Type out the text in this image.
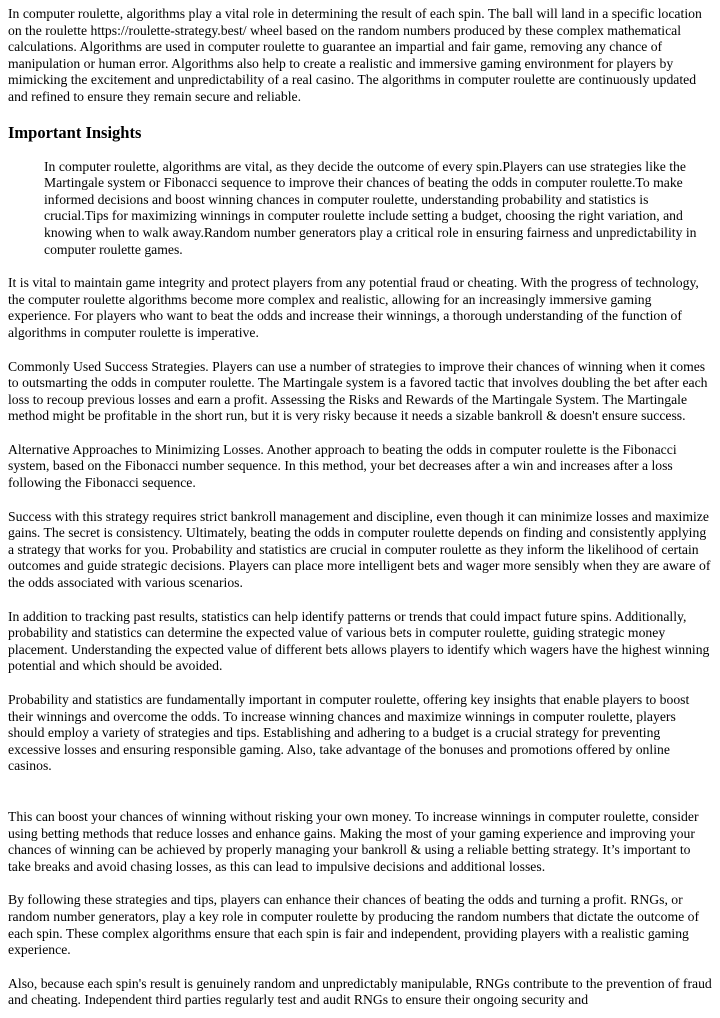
In computer roulette, algorithms play a vital role in determining the result of each spin. The ball will land in a specific location on the roulette https://roulette-strategy.best/ wheel based on the random numbers produced by these complex mathematical calculations. Algorithms are used in computer roulette to guarantee an impartial and fair game, removing any chance of manipulation or human error. Algorithms also help to create a realistic and immersive gaming environment for players by mimicking the excitement and unpredictability of a real casino. The algorithms in computer roulette are continuously updated and refined to ensure they remain secure and reliable.

Important Insights
In computer roulette, algorithms are vital, as they decide the outcome of every spin.Players can use strategies like the Martingale system or Fibonacci sequence to improve their chances of beating the odds in computer roulette.To make informed decisions and boost winning chances in computer roulette, understanding probability and statistics is crucial.Tips for maximizing winnings in computer roulette include setting a budget, choosing the right variation, and knowing when to walk away.Random number generators play a critical role in ensuring fairness and unpredictability in computer roulette games.

It is vital to maintain game integrity and protect players from any potential fraud or cheating. With the progress of technology, the computer roulette algorithms become more complex and realistic, allowing for an increasingly immersive gaming experience. For players who want to beat the odds and increase their winnings, a thorough understanding of the function of algorithms in computer roulette is imperative.

Commonly Used Success Strategies. Players can use a number of strategies to improve their chances of winning when it comes to outsmarting the odds in computer roulette. The Martingale system is a favored tactic that involves doubling the bet after each loss to recoup previous losses and earn a profit. Assessing the Risks and Rewards of the Martingale System. The Martingale method might be profitable in the short run, but it is very risky because it needs a sizable bankroll & doesn't ensure success.

Alternative Approaches to Minimizing Losses. Another approach to beating the odds in computer roulette is the Fibonacci system, based on the Fibonacci number sequence. In this method, your bet decreases after a win and increases after a loss following the Fibonacci sequence.

Success with this strategy requires strict bankroll management and discipline, even though it can minimize losses and maximize gains. The secret is consistency. Ultimately, beating the odds in computer roulette depends on finding and consistently applying a strategy that works for you. Probability and statistics are crucial in computer roulette as they inform the likelihood of certain outcomes and guide strategic decisions. Players can place more intelligent bets and wager more sensibly when they are aware of the odds associated with various scenarios.

In addition to tracking past results, statistics can help identify patterns or trends that could impact future spins. Additionally, probability and statistics can determine the expected value of various bets in computer roulette, guiding strategic money placement. Understanding the expected value of different bets allows players to identify which wagers have the highest winning potential and which should be avoided.

Probability and statistics are fundamentally important in computer roulette, offering key insights that enable players to boost their winnings and overcome the odds. To increase winning chances and maximize winnings in computer roulette, players should employ a variety of strategies and tips. Establishing and adhering to a budget is a crucial strategy for preventing excessive losses and ensuring responsible gaming. Also, take advantage of the bonuses and promotions offered by online casinos.

This can boost your chances of winning without risking your own money. To increase winnings in computer roulette, consider using betting methods that reduce losses and enhance gains. Making the most of your gaming experience and improving your chances of winning can be achieved by properly managing your bankroll & using a reliable betting strategy. It’s important to take breaks and avoid chasing losses, as this can lead to impulsive decisions and additional losses.

By following these strategies and tips, players can enhance their chances of beating the odds and turning a profit. RNGs, or random number generators, play a key role in computer roulette by producing the random numbers that dictate the outcome of each spin. These complex algorithms ensure that each spin is fair and independent, providing players with a realistic gaming experience.

Also, because each spin's result is genuinely random and unpredictably manipulable, RNGs contribute to the prevention of fraud and cheating. Independent third parties regularly test and audit RNGs to ensure their ongoing security and
